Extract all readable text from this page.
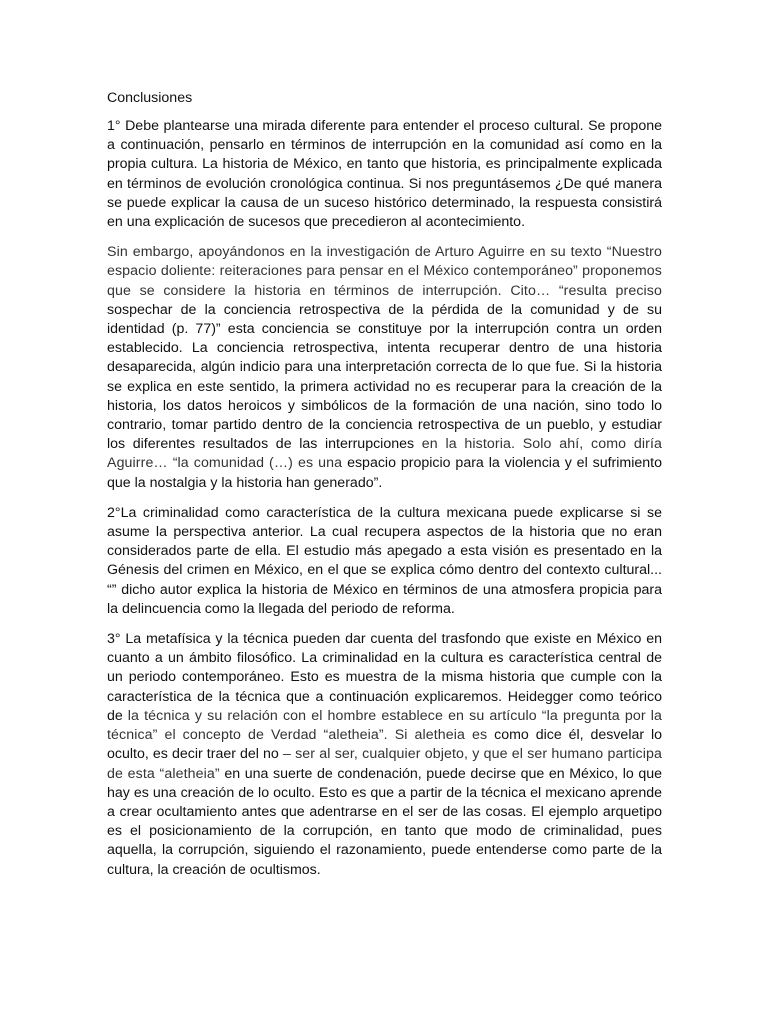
Conclusiones

1° Debe plantearse una mirada diferente para entender el proceso cultural. Se propone a continuación, pensarlo en términos de interrupción en la comunidad así como en la propia cultura. La historia de México, en tanto que historia, es principalmente explicada en términos de evolución cronológica continua. Si nos preguntásemos ¿De qué manera se puede explicar la causa de un suceso histórico determinado, la respuesta consistirá en una explicación de sucesos que precedieron al acontecimiento.

Sin embargo, apoyándonos en la investigación de Arturo Aguirre en su texto “Nuestro espacio doliente: reiteraciones para pensar en el México contemporáneo” proponemos que se considere la historia en términos de interrupción. Cito… “resulta preciso sospechar de la conciencia retrospectiva de la pérdida de la comunidad y de su identidad (p. 77)” esta conciencia se constituye por la interrupción contra un orden establecido. La conciencia retrospectiva, intenta recuperar dentro de una historia desaparecida, algún indicio para una interpretación correcta de lo que fue. Si la historia se explica en este sentido, la primera actividad no es recuperar para la creación de la historia, los datos heroicos y simbólicos de la formación de una nación, sino todo lo contrario, tomar partido dentro de la conciencia retrospectiva de un pueblo, y estudiar los diferentes resultados de las interrupciones en la historia. Solo ahí, como diría Aguirre… “la comunidad (…) es una espacio propicio para la violencia y el sufrimiento que la nostalgia y la historia han generado”.

2°La criminalidad como característica de la cultura mexicana puede explicarse si se asume la perspectiva anterior. La cual recupera aspectos de la historia que no eran considerados parte de ella. El estudio más apegado a esta visión es presentado en la Génesis del crimen en México, en el que se explica cómo dentro del contexto cultural... “” dicho autor explica la historia de México en términos de una atmosfera propicia para la delincuencia como la llegada del periodo de reforma.

3° La metafísica y la técnica pueden dar cuenta del trasfondo que existe en México en cuanto a un ámbito filosófico. La criminalidad en la cultura es característica central de un periodo contemporáneo. Esto es muestra de la misma historia que cumple con la característica de la técnica que a continuación explicaremos. Heidegger como teórico de la técnica y su relación con el hombre establece en su artículo “la pregunta por la técnica” el concepto de Verdad “aletheia”. Si aletheia es como dice él, desvelar lo oculto, es decir traer del no – ser al ser, cualquier objeto, y que el ser humano participa de esta “aletheia” en una suerte de condenación, puede decirse que en México, lo que hay es una creación de lo oculto. Esto es que a partir de la técnica el mexicano aprende a crear ocultamiento antes que adentrarse en el ser de las cosas. El ejemplo arquetipo es el posicionamiento de la corrupción, en tanto que modo de criminalidad, pues aquella, la corrupción, siguiendo el razonamiento, puede entenderse como parte de la cultura, la creación de ocultismos.
